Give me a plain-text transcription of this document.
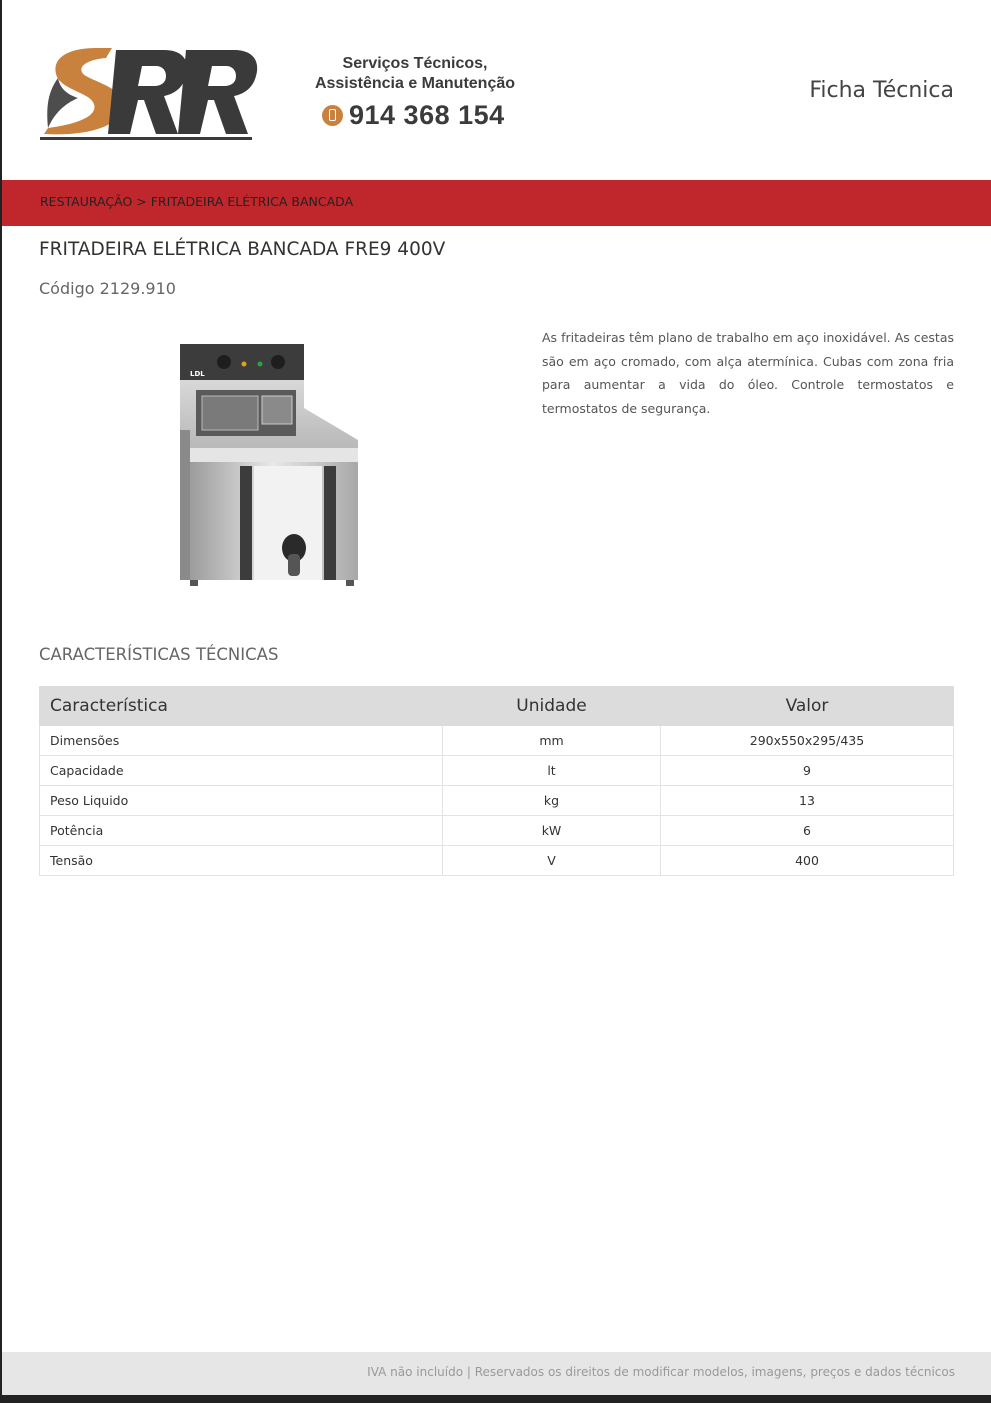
Serviços Técnicos,
Assistência e Manutenção
914 368 154
Ficha Técnica
RESTAURAÇÃO > FRITADEIRA ELÉTRICA BANCADA
FRITADEIRA ELÉTRICA BANCADA FRE9 400V
Código 2129.910
LDL
As fritadeiras têm plano de trabalho em aço inoxidável. As cestas são em aço cromado, com alça atermínica. Cubas com zona fria para aumentar a vida do óleo. Controle termostatos e termostatos de segurança.
CARACTERÍSTICAS TÉCNICAS
Característica	Unidade	Valor
Dimensões	mm	290x550x295/435
Capacidade	lt	9
Peso Liquido	kg	13
Potência	kW	6
Tensão	V	400
IVA não incluído | Reservados os direitos de modificar modelos, imagens, preços e dados técnicos
